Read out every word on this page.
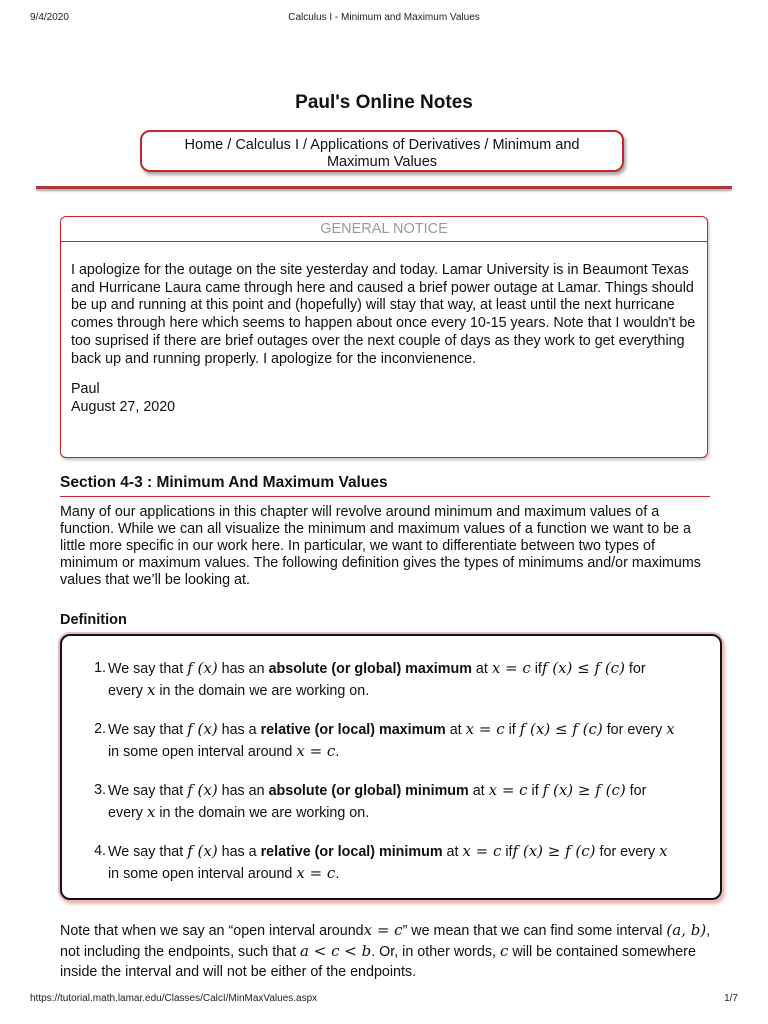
9/4/2020	Calculus I - Minimum and Maximum Values
Paul's Online Notes
Home / Calculus I / Applications of Derivatives / Minimum and
Maximum Values
GENERAL NOTICE

I apologize for the outage on the site yesterday and today. Lamar University is in Beaumont Texas and Hurricane Laura came through here and caused a brief power outage at Lamar. Things should be up and running at this point and (hopefully) will stay that way, at least until the next hurricane comes through here which seems to happen about once every 10-15 years. Note that I wouldn't be too suprised if there are brief outages over the next couple of days as they work to get everything back up and running properly. I apologize for the inconvienence.

Paul
August 27, 2020

Section 4-3 : Minimum And Maximum Values

Many of our applications in this chapter will revolve around minimum and maximum values of a function. While we can all visualize the minimum and maximum values of a function we want to be a little more specific in our work here. In particular, we want to differentiate between two types of minimum or maximum values. The following definition gives the types of minimums and/or maximums values that we’ll be looking at.

Definition
1. We say that f (x) has an absolute (or global) maximum at x = c iff (x) ≤ f (c) for
every x in the domain we are working on.
2. We say that f (x) has a relative (or local) maximum at x = c if f (x) ≤ f (c) for every x
in some open interval around x = c.
3. We say that f (x) has an absolute (or global) minimum at x = c if f (x) ≥ f (c) for
every x in the domain we are working on.
4. We say that f (x) has a relative (or local) minimum at x = c iff (x) ≥ f (c) for every x
in some open interval around x = c.

Note that when we say an “open interval aroundx = c” we mean that we can find some interval (a, b), not including the endpoints, such that a < c < b. Or, in other words, c will be contained somewhere inside the interval and will not be either of the endpoints.

https://tutorial.math.lamar.edu/Classes/CalcI/MinMaxValues.aspx	1/7
